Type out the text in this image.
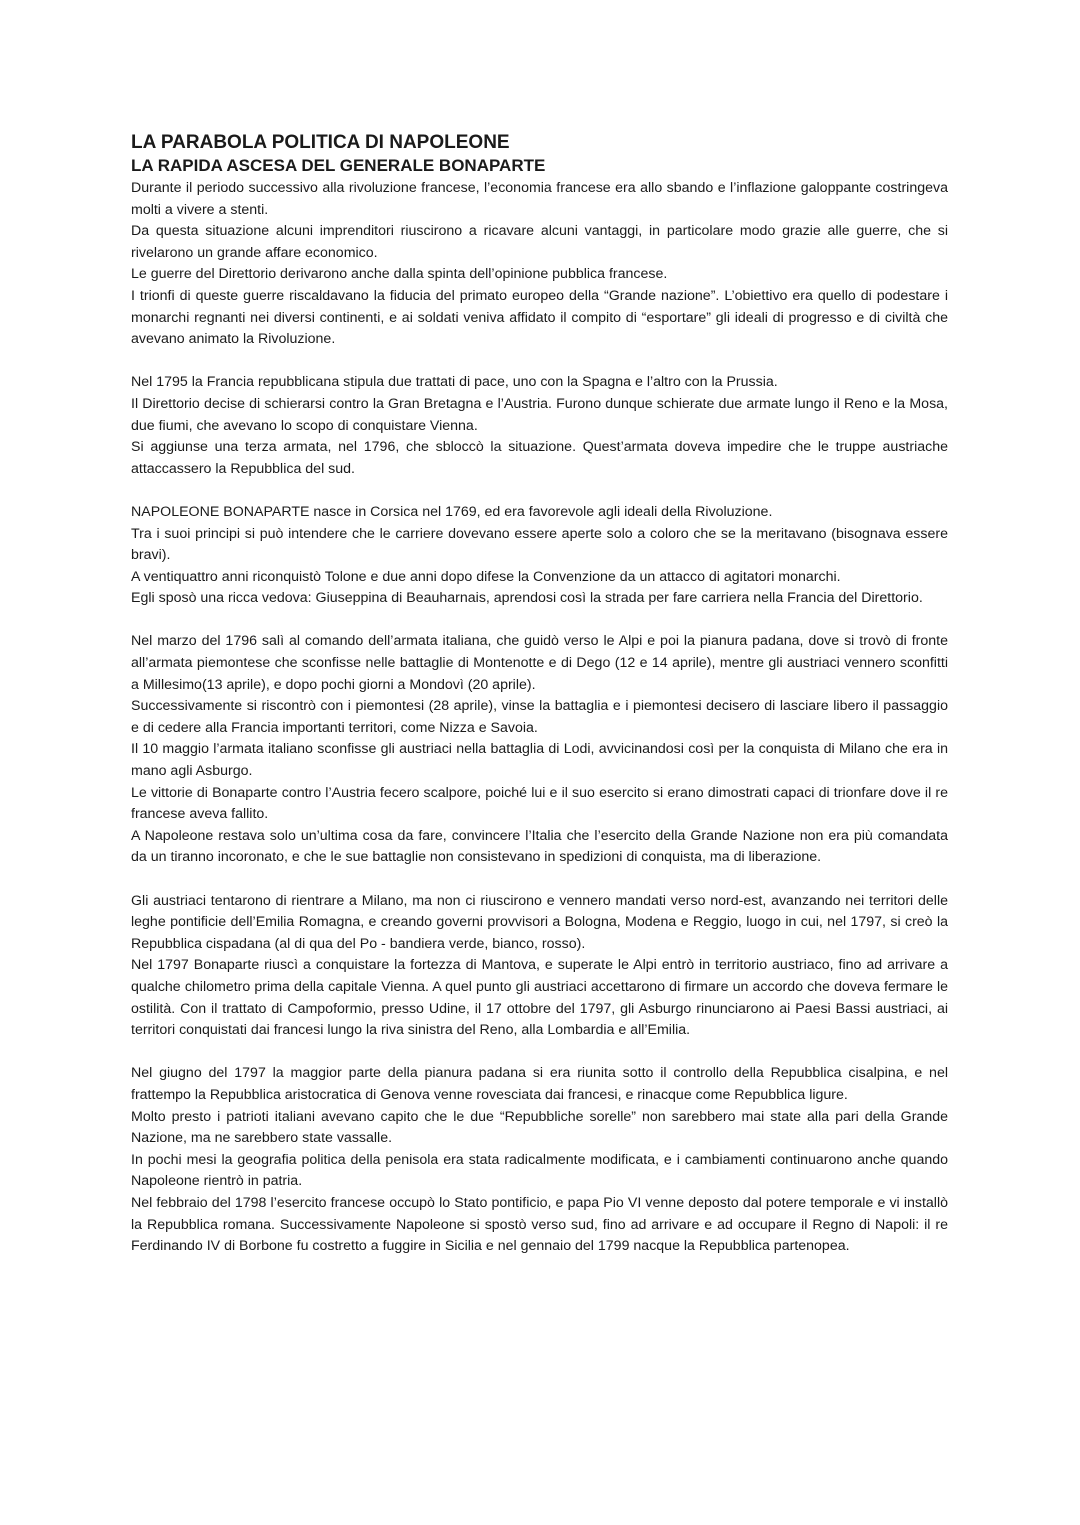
LA PARABOLA POLITICA DI NAPOLEONE
LA RAPIDA ASCESA DEL GENERALE BONAPARTE
Durante il periodo successivo alla rivoluzione francese, l’economia francese era allo sbando e l’inflazione galoppante costringeva molti a vivere a stenti.
Da questa situazione alcuni imprenditori riuscirono a ricavare alcuni vantaggi, in particolare modo grazie alle guerre, che si rivelarono un grande affare economico.
Le guerre del Direttorio derivarono anche dalla spinta dell’opinione pubblica francese.
I trionfi di queste guerre riscaldavano la fiducia del primato europeo della “Grande nazione”. L’obiettivo era quello di podestare i monarchi regnanti nei diversi continenti, e ai soldati veniva affidato il compito di “esportare” gli ideali di progresso e di civiltà che avevano animato la Rivoluzione.
Nel 1795 la Francia repubblicana stipula due trattati di pace, uno con la Spagna e l’altro con la Prussia.
Il Direttorio decise di schierarsi contro la Gran Bretagna e l’Austria. Furono dunque schierate due armate lungo il Reno e la Mosa, due fiumi, che avevano lo scopo di conquistare Vienna.
Si aggiunse una terza armata, nel 1796, che sbloccò la situazione. Quest’armata doveva impedire che le truppe austriache attaccassero la Repubblica del sud.
NAPOLEONE BONAPARTE nasce in Corsica nel 1769, ed era favorevole agli ideali della Rivoluzione.
Tra i suoi principi si può intendere che le carriere dovevano essere aperte solo a coloro che se la meritavano (bisognava essere bravi).
A ventiquattro anni riconquistò Tolone e due anni dopo difese la Convenzione da un attacco di agitatori monarchi.
Egli sposò una ricca vedova: Giuseppina di Beauharnais, aprendosi così la strada per fare carriera nella Francia del Direttorio.
Nel marzo del 1796 salì al comando dell’armata italiana, che guidò verso le Alpi e poi la pianura padana, dove si trovò di fronte all’armata piemontese che sconfisse nelle battaglie di Montenotte e di Dego (12 e 14 aprile), mentre gli austriaci vennero sconfitti a Millesimo(13 aprile), e dopo pochi giorni a Mondovì (20 aprile).
Successivamente si riscontrò con i piemontesi (28 aprile), vinse la battaglia e i piemontesi decisero di lasciare libero il passaggio e di cedere alla Francia importanti territori, come Nizza e Savoia.
Il 10 maggio l’armata italiano sconfisse gli austriaci nella battaglia di Lodi, avvicinandosi così per la conquista di Milano che era in mano agli Asburgo.
Le vittorie di Bonaparte contro l’Austria fecero scalpore, poiché lui e il suo esercito si erano dimostrati capaci di trionfare dove il re francese aveva fallito.
A Napoleone restava solo un’ultima cosa da fare, convincere l’Italia che l’esercito della Grande Nazione non era più comandata da un tiranno incoronato, e che le sue battaglie non consistevano in spedizioni di conquista, ma di liberazione.
Gli austriaci tentarono di rientrare a Milano, ma non ci riuscirono e vennero mandati verso nord-est, avanzando nei territori delle leghe pontificie dell’Emilia Romagna, e creando governi provvisori a Bologna, Modena e Reggio, luogo in cui, nel 1797, si creò la Repubblica cispadana (al di qua del Po - bandiera verde, bianco, rosso).
Nel 1797 Bonaparte riuscì a conquistare la fortezza di Mantova, e superate le Alpi entrò in territorio austriaco, fino ad arrivare a qualche chilometro prima della capitale Vienna. A quel punto gli austriaci accettarono di firmare un accordo che doveva fermare le ostilità. Con il trattato di Campoformio, presso Udine, il 17 ottobre del 1797, gli Asburgo rinunciarono ai Paesi Bassi austriaci, ai territori conquistati dai francesi lungo la riva sinistra del Reno, alla Lombardia e all’Emilia.
Nel giugno del 1797 la maggior parte della pianura padana si era riunita sotto il controllo della Repubblica cisalpina, e nel frattempo la Repubblica aristocratica di Genova venne rovesciata dai francesi, e rinacque come Repubblica ligure.
Molto presto i patrioti italiani avevano capito che le due “Repubbliche sorelle” non sarebbero mai state alla pari della Grande Nazione, ma ne sarebbero state vassalle.
In pochi mesi la geografia politica della penisola era stata radicalmente modificata, e i cambiamenti continuarono anche quando Napoleone rientrò in patria.
Nel febbraio del 1798 l’esercito francese occupò lo Stato pontificio, e papa Pio VI venne deposto dal potere temporale e vi installò la Repubblica romana. Successivamente Napoleone si spostò verso sud, fino ad arrivare e ad occupare il Regno di Napoli: il re Ferdinando IV di Borbone fu costretto a fuggire in Sicilia e nel gennaio del 1799 nacque la Repubblica partenopea.
